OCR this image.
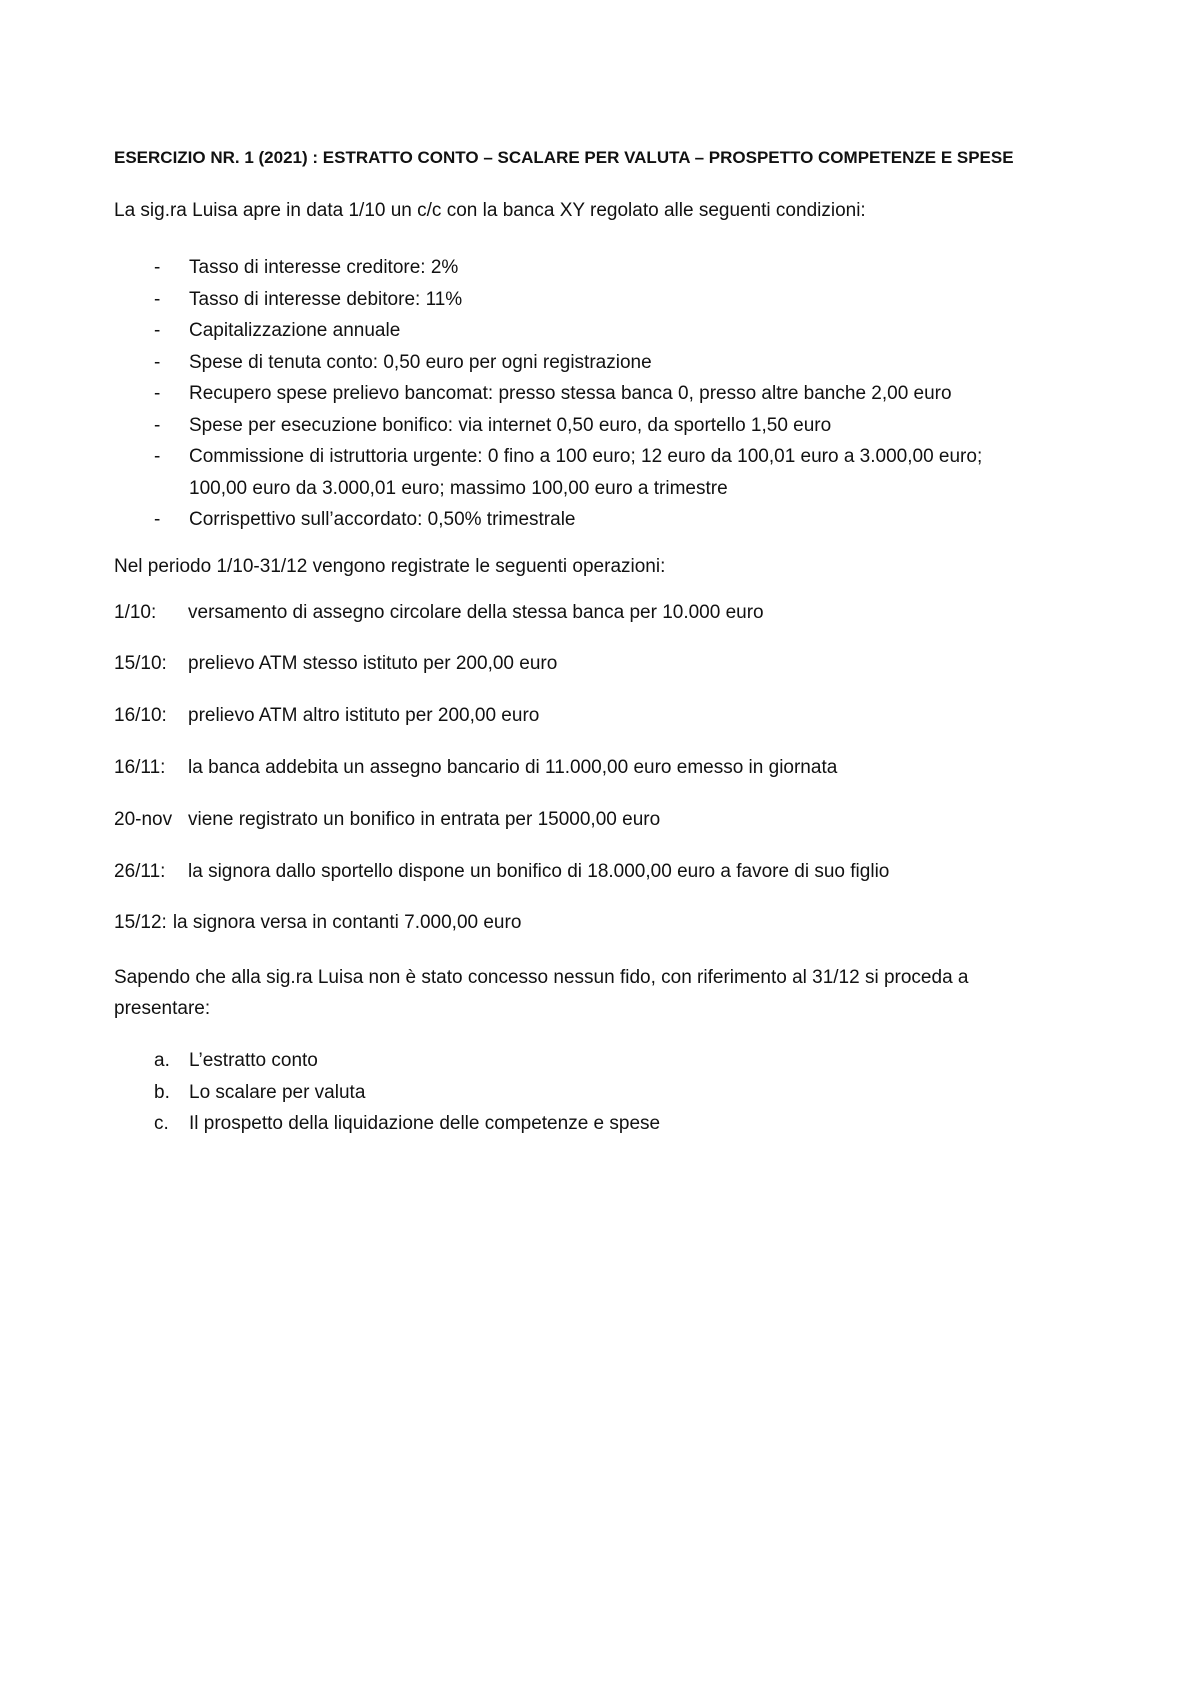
ESERCIZIO NR. 1 (2021) : ESTRATTO CONTO – SCALARE PER VALUTA – PROSPETTO COMPETENZE E SPESE
La sig.ra Luisa apre in data 1/10 un c/c con la banca XY regolato alle seguenti condizioni:
- Tasso di interesse creditore: 2%
- Tasso di interesse debitore: 11%
- Capitalizzazione annuale
- Spese di tenuta conto: 0,50 euro per ogni registrazione
- Recupero spese prelievo bancomat: presso stessa banca 0, presso altre banche 2,00 euro
- Spese per esecuzione bonifico: via internet 0,50 euro, da sportello 1,50 euro
- Commissione di istruttoria urgente: 0 fino a 100 euro; 12 euro da 100,01 euro a 3.000,00 euro;
100,00 euro da 3.000,01 euro; massimo 100,00 euro a trimestre
- Corrispettivo sull’accordato: 0,50% trimestrale
Nel periodo 1/10-31/12 vengono registrate le seguenti operazioni:
1/10: versamento di assegno circolare della stessa banca per 10.000 euro
15/10: prelievo ATM stesso istituto per 200,00 euro
16/10: prelievo ATM altro istituto per 200,00 euro
16/11: la banca addebita un assegno bancario di 11.000,00 euro emesso in giornata
20-nov viene registrato un bonifico in entrata per 15000,00 euro
26/11: la signora dallo sportello dispone un bonifico di 18.000,00 euro a favore di suo figlio
15/12: la signora versa in contanti 7.000,00 euro
Sapendo che alla sig.ra Luisa non è stato concesso nessun fido, con riferimento al 31/12 si proceda a presentare:
a. L’estratto conto
b. Lo scalare per valuta
c. Il prospetto della liquidazione delle competenze e spese
